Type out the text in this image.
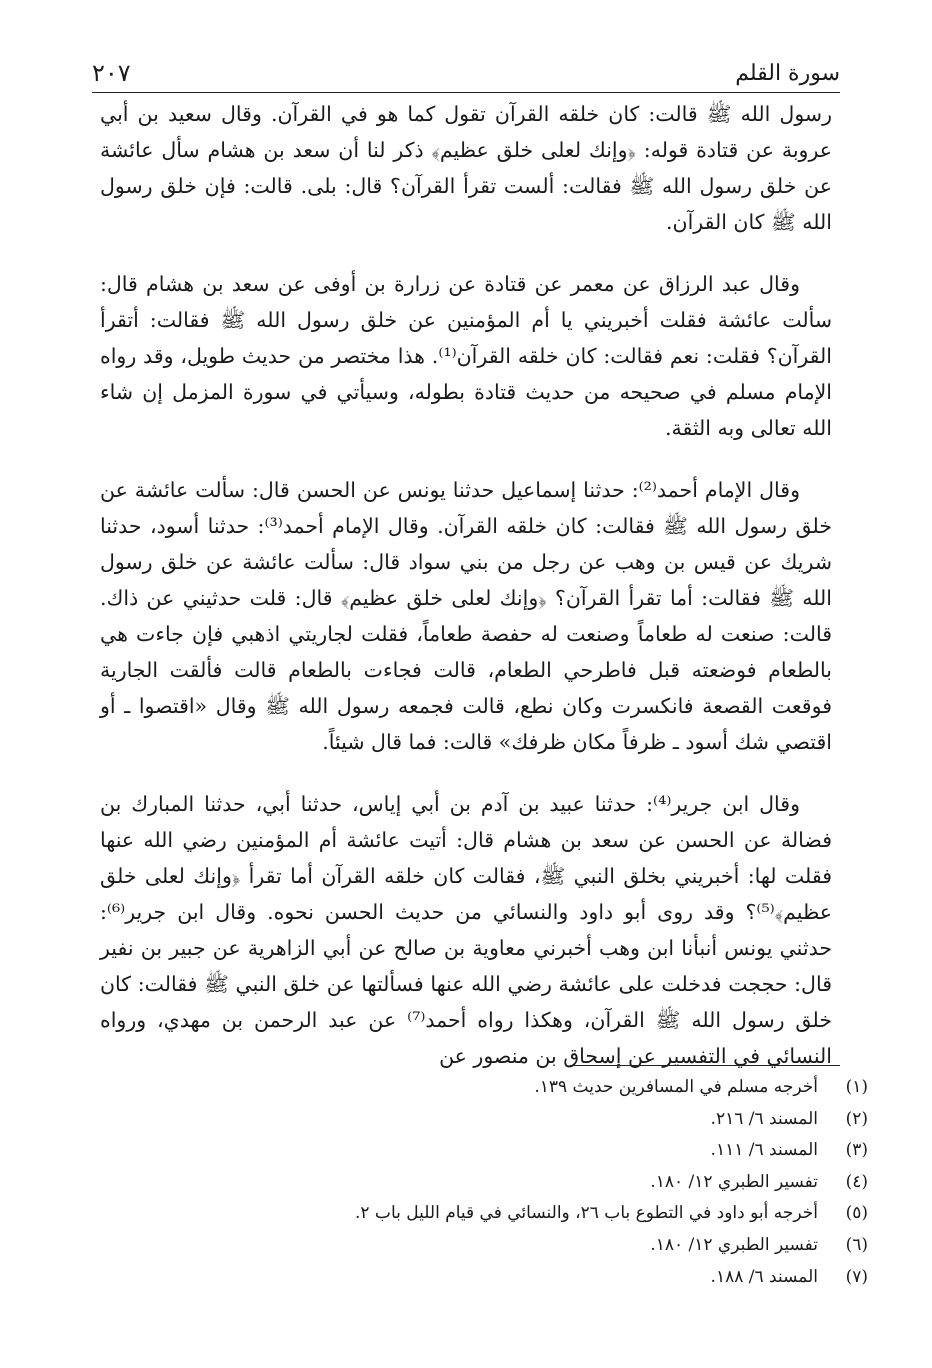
سورة القلم
٢٠٧

رسول الله ﷺ قالت: كان خلقه القرآن تقول كما هو في القرآن. وقال سعيد بن أبي عروبة عن قتادة قوله: ﴿وإنك لعلى خلق عظيم﴾ ذكر لنا أن سعد بن هشام سأل عائشة عن خلق رسول الله ﷺ فقالت: ألست تقرأ القرآن؟ قال: بلى. قالت: فإن خلق رسول الله ﷺ كان القرآن.

وقال عبد الرزاق عن معمر عن قتادة عن زرارة بن أوفى عن سعد بن هشام قال: سألت عائشة فقلت أخبريني يا أم المؤمنين عن خلق رسول الله ﷺ فقالت: أتقرأ القرآن؟ فقلت: نعم فقالت: كان خلقه القرآن⁽¹⁾. هذا مختصر من حديث طويل، وقد رواه الإمام مسلم في صحيحه من حديث قتادة بطوله، وسيأتي في سورة المزمل إن شاء الله تعالى وبه الثقة.

وقال الإمام أحمد⁽²⁾: حدثنا إسماعيل حدثنا يونس عن الحسن قال: سألت عائشة عن خلق رسول الله ﷺ فقالت: كان خلقه القرآن. وقال الإمام أحمد⁽³⁾: حدثنا أسود، حدثنا شريك عن قيس بن وهب عن رجل من بني سواد قال: سألت عائشة عن خلق رسول الله ﷺ فقالت: أما تقرأ القرآن؟ ﴿وإنك لعلى خلق عظيم﴾ قال: قلت حدثيني عن ذاك. قالت: صنعت له طعاماً وصنعت له حفصة طعاماً، فقلت لجاريتي اذهبي فإن جاءت هي بالطعام فوضعته قبل فاطرحي الطعام، قالت فجاءت بالطعام قالت فألقت الجارية فوقعت القصعة فانكسرت وكان نطع، قالت فجمعه رسول الله ﷺ وقال «اقتصوا ـ أو اقتصي شك أسود ـ ظرفاً مكان ظرفك» قالت: فما قال شيئاً.

وقال ابن جرير⁽⁴⁾: حدثنا عبيد بن آدم بن أبي إياس، حدثنا أبي، حدثنا المبارك بن فضالة عن الحسن عن سعد بن هشام قال: أتيت عائشة أم المؤمنين رضي الله عنها فقلت لها: أخبريني بخلق النبي ﷺ، فقالت كان خلقه القرآن أما تقرأ ﴿وإنك لعلى خلق عظيم﴾⁽⁵⁾؟ وقد روى أبو داود والنسائي من حديث الحسن نحوه. وقال ابن جرير⁽⁶⁾: حدثني يونس أنبأنا ابن وهب أخبرني معاوية بن صالح عن أبي الزاهرية عن جبير بن نفير قال: حججت فدخلت على عائشة رضي الله عنها فسألتها عن خلق النبي ﷺ فقالت: كان خلق رسول الله ﷺ القرآن، وهكذا رواه أحمد⁽⁷⁾ عن عبد الرحمن بن مهدي، ورواه النسائي في التفسير عن إسحاق بن منصور عن

(١)
أخرجه مسلم في المسافرين حديث ١٣٩.
(٢)
المسند ٦/ ٢١٦.
(٣)
المسند ٦/ ١١١.
(٤)
تفسير الطبري ١٢/ ١٨٠.
(٥)
أخرجه أبو داود في التطوع باب ٢٦، والنسائي في قيام الليل باب ٢.
(٦)
تفسير الطبري ١٢/ ١٨٠.
(٧)
المسند ٦/ ١٨٨.
